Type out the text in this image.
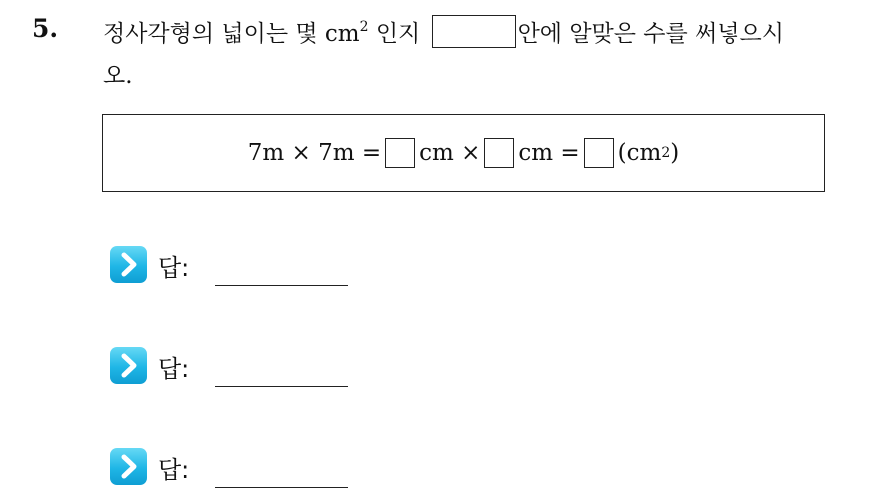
5. 정사각형의 넓이는 몇 $cm^2$ 인지	안에 알맞은 수를 써넣으시
오.
7m × 7m = cm × cm = (cm 2 )
답:
답:
답:
